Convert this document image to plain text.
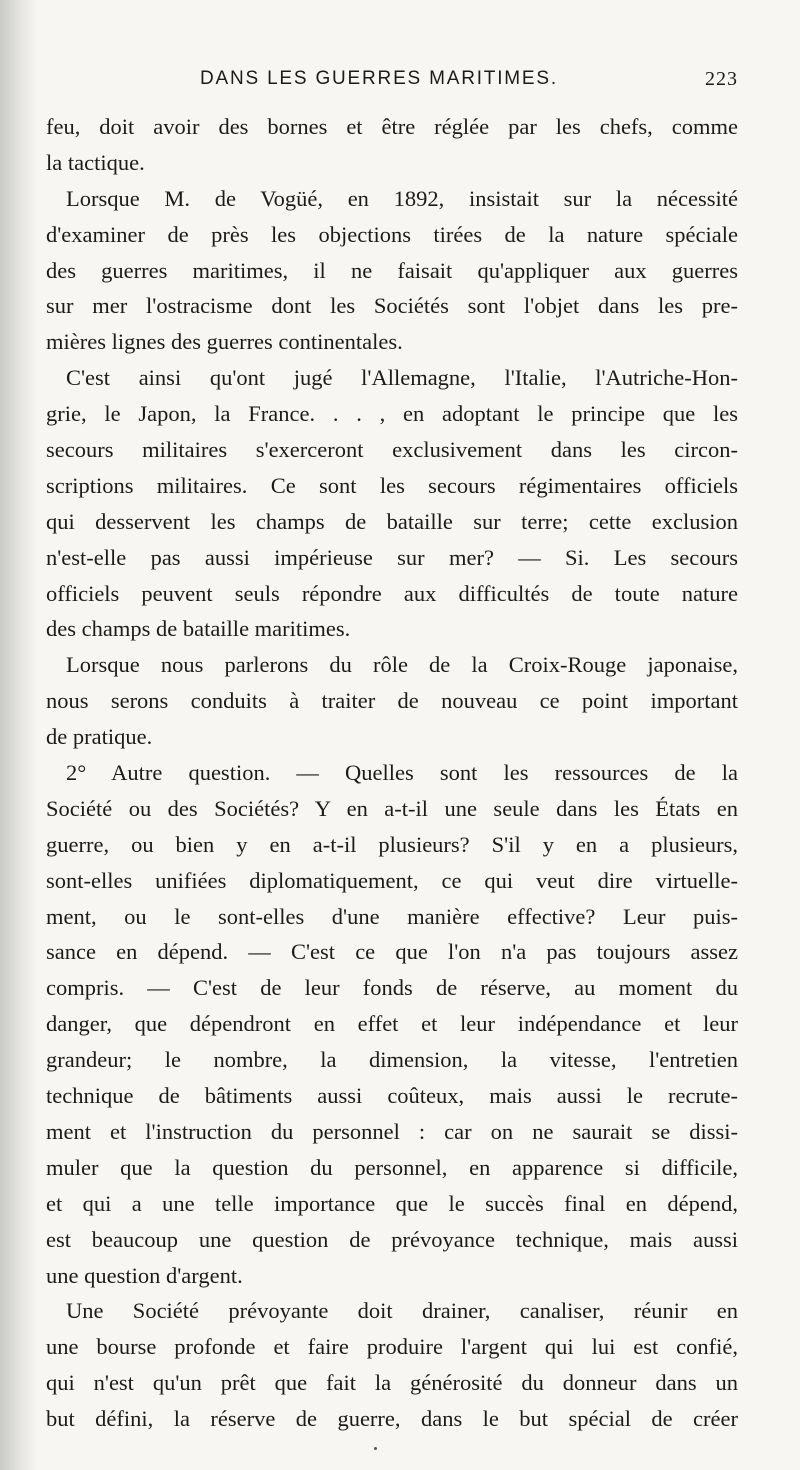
DANS LES GUERRES MARITIMES.	223
feu, doit avoir des bornes et être réglée par les chefs, comme
la tactique.
Lorsque M. de Vogüé, en 1892, insistait sur la nécessité
d'examiner de près les objections tirées de la nature spéciale
des guerres maritimes, il ne faisait qu'appliquer aux guerres
sur mer l'ostracisme dont les Sociétés sont l'objet dans les pre-
mières lignes des guerres continentales.
C'est ainsi qu'ont jugé l'Allemagne, l'Italie, l'Autriche-Hon-
grie, le Japon, la France. . . , en adoptant le principe que les
secours militaires s'exerceront exclusivement dans les circon-
scriptions militaires. Ce sont les secours régimentaires officiels
qui desservent les champs de bataille sur terre; cette exclusion
n'est-elle pas aussi impérieuse sur mer? — Si. Les secours
officiels peuvent seuls répondre aux difficultés de toute nature
des champs de bataille maritimes.
Lorsque nous parlerons du rôle de la Croix-Rouge japonaise,
nous serons conduits à traiter de nouveau ce point important
de pratique.
2° Autre question. — Quelles sont les ressources de la
Société ou des Sociétés? Y en a-t-il une seule dans les États en
guerre, ou bien y en a-t-il plusieurs? S'il y en a plusieurs,
sont-elles unifiées diplomatiquement, ce qui veut dire virtuelle-
ment, ou le sont-elles d'une manière effective? Leur puis-
sance en dépend. — C'est ce que l'on n'a pas toujours assez
compris. — C'est de leur fonds de réserve, au moment du
danger, que dépendront en effet et leur indépendance et leur
grandeur; le nombre, la dimension, la vitesse, l'entretien
technique de bâtiments aussi coûteux, mais aussi le recrute-
ment et l'instruction du personnel : car on ne saurait se dissi-
muler que la question du personnel, en apparence si difficile,
et qui a une telle importance que le succès final en dépend,
est beaucoup une question de prévoyance technique, mais aussi
une question d'argent.
Une Société prévoyante doit drainer, canaliser, réunir en
une bourse profonde et faire produire l'argent qui lui est confié,
qui n'est qu'un prêt que fait la générosité du donneur dans un
but défini, la réserve de guerre, dans le but spécial de créer
